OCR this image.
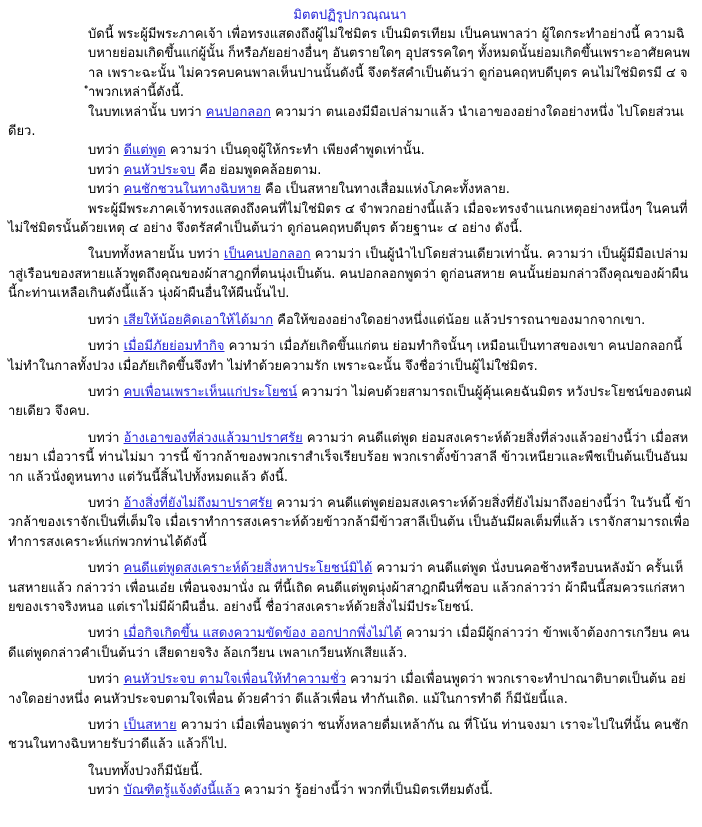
มิตตปฏิรูปกวณฺณนา

บัดนี้ พระผู้มีพระภาคเจ้า เพื่อทรงแสดงถึงผู้ไม่ใช่มิตร เป็นมิตรเทียม เป็นคนพาลว่า ผู้ใดกระทำอย่างนี้ ความฉิบหายย่อมเกิดขึ้นแก่ผู้นั้น ก็หรือภัยอย่างอื่นๆ อันตรายใดๆ อุปสรรคใดๆ ทั้งหมดนั้นย่อมเกิดขึ้นเพราะอาศัยคนพาล เพราะฉะนั้น ไม่ควรคบคนพาลเห็นปานนั้นดังนี้ จึงตรัสคำเป็นต้นว่า ดูก่อนคฤหบดีบุตร คนไม่ใช่มิตรมี ๔ จำพวกเหล่านี้ดังนี้.

ในบทเหล่านั้น บทว่า คนปอกลอก ความว่า ตนเองมีมือเปล่ามาแล้ว นำเอาของอย่างใดอย่างหนึ่ง ไปโดยส่วนเดียว.

บทว่า ดีแต่พูด ความว่า เป็นดุจผู้ให้กระทำ เพียงคำพูดเท่านั้น.

บทว่า คนหัวประจบ คือ ย่อมพูดคล้อยตาม.

บทว่า คนชักชวนในทางฉิบหาย คือ เป็นสหายในทางเสื่อมแห่งโภคะทั้งหลาย.

พระผู้มีพระภาคเจ้าทรงแสดงถึงคนที่ไม่ใช่มิตร ๔ จำพวกอย่างนี้แล้ว เมื่อจะทรงจำแนกเหตุอย่างหนึ่งๆ ในคนที่ไม่ใช่มิตรนั้นด้วยเหตุ ๔ อย่าง จึงตรัสคำเป็นต้นว่า ดูก่อนคฤหบดีบุตร ด้วยฐานะ ๔ อย่าง ดังนี้.

ในบททั้งหลายนั้น บทว่า เป็นคนปอกลอก ความว่า เป็นผู้นำไปโดยส่วนเดียวเท่านั้น. ความว่า เป็นผู้มีมือเปล่ามาสู่เรือนของสหายแล้วพูดถึงคุณของผ้าสาฎกที่ตนนุ่งเป็นต้น. คนปอกลอกพูดว่า ดูก่อนสหาย คนนั้นย่อมกล่าวถึงคุณของผ้าผืนนี้กะท่านเหลือเกินดังนี้แล้ว นุ่งผ้าผืนอื่นให้ผืนนั้นไป.

บทว่า เสียให้น้อยคิดเอาให้ได้มาก คือให้ของอย่างใดอย่างหนึ่งแต่น้อย แล้วปรารถนาของมากจากเขา.

บทว่า เมื่อมีภัยย่อมทำกิจ ความว่า เมื่อภัยเกิดขึ้นแก่ตน ย่อมทำกิจนั้นๆ เหมือนเป็นทาสของเขา คนปอกลอกนี้ ไม่ทำในกาลทั้งปวง เมื่อภัยเกิดขึ้นจึงทำ ไม่ทำด้วยความรัก เพราะฉะนั้น จึงชื่อว่าเป็นผู้ไม่ใช่มิตร.

บทว่า คบเพื่อนเพราะเห็นแก่ประโยชน์ ความว่า ไม่คบด้วยสามารถเป็นผู้คุ้นเคยฉันมิตร หวังประโยชน์ของตนฝ่ายเดียว จึงคบ.

บทว่า อ้างเอาของที่ล่วงแล้วมาปราศรัย ความว่า คนดีแต่พูด ย่อมสงเคราะห์ด้วยสิ่งที่ล่วงแล้วอย่างนี้ว่า เมื่อสหายมา เมื่อวารนี้ ท่านไม่มา วารนี้ ข้าวกล้าของพวกเราสำเร็จเรียบร้อย พวกเราตั้งข้าวสาลี ข้าวเหนียวและพืชเป็นต้นเป็นอันมาก แล้วนั่งดูหนทาง แต่วันนี้สิ้นไปทั้งหมดแล้ว ดังนี้.

บทว่า อ้างสิ่งที่ยังไม่ถึงมาปราศรัย ความว่า คนดีแต่พูดย่อมสงเคราะห์ด้วยสิ่งที่ยังไม่มาถึงอย่างนี้ว่า ในวันนี้ ข้าวกล้าของเราจักเป็นที่เต็มใจ เมื่อเราทำการสงเคราะห์ด้วยข้าวกล้ามีข้าวสาลีเป็นต้น เป็นอันมีผลเต็มที่แล้ว เราจักสามารถเพื่อทำการสงเคราะห์แก่พวกท่านได้ดังนี้

บทว่า คนดีแต่พูดสงเคราะห์ด้วยสิ่งหาประโยชน์มิได้ ความว่า คนดีแต่พูด นั่งบนคอช้างหรือบนหลังม้า ครั้นเห็นสหายแล้ว กล่าวว่า เพื่อนเอ๋ย เพื่อนจงมานั่ง ณ ที่นี้เถิด คนดีแต่พูดนุ่งผ้าสาฎกผืนที่ชอบ แล้วกล่าวว่า ผ้าผืนนี้สมควรแก่สหายของเราจริงหนอ แต่เราไม่มีผ้าผืนอื่น. อย่างนี้ ชื่อว่าสงเคราะห์ด้วยสิ่งไม่มีประโยชน์.

บทว่า เมื่อกิจเกิดขึ้น แสดงความขัดข้อง ออกปากพึ่งไม่ได้ ความว่า เมื่อมีผู้กล่าวว่า ข้าพเจ้าต้องการเกวียน คนดีแต่พูดกล่าวคำเป็นต้นว่า เสียดายจริง ล้อเกวียน เพลาเกวียนหักเสียแล้ว.

บทว่า คนหัวประจบ ตามใจเพื่อนให้ทำความชั่ว ความว่า เมื่อเพื่อนพูดว่า พวกเราจะทำปาณาติบาตเป็นต้น อย่างใดอย่างหนึ่ง คนหัวประจบตามใจเพื่อน ด้วยคำว่า ดีแล้วเพื่อน ทำกันเถิด. แม้ในการทำดี ก็มีนัยนี้แล.

บทว่า เป็นสหาย ความว่า เมื่อเพื่อนพูดว่า ชนทั้งหลายดื่มเหล้ากัน ณ ที่โน้น ท่านจงมา เราจะไปในที่นั้น คนชักชวนในทางฉิบหายรับว่าดีแล้ว แล้วก็ไป.

ในบททั้งปวงก็มีนัยนี้.

บทว่า บัณฑิตรู้แจ้งดังนี้แล้ว ความว่า รู้อย่างนี้ว่า พวกที่เป็นมิตรเทียมดังนี้.
